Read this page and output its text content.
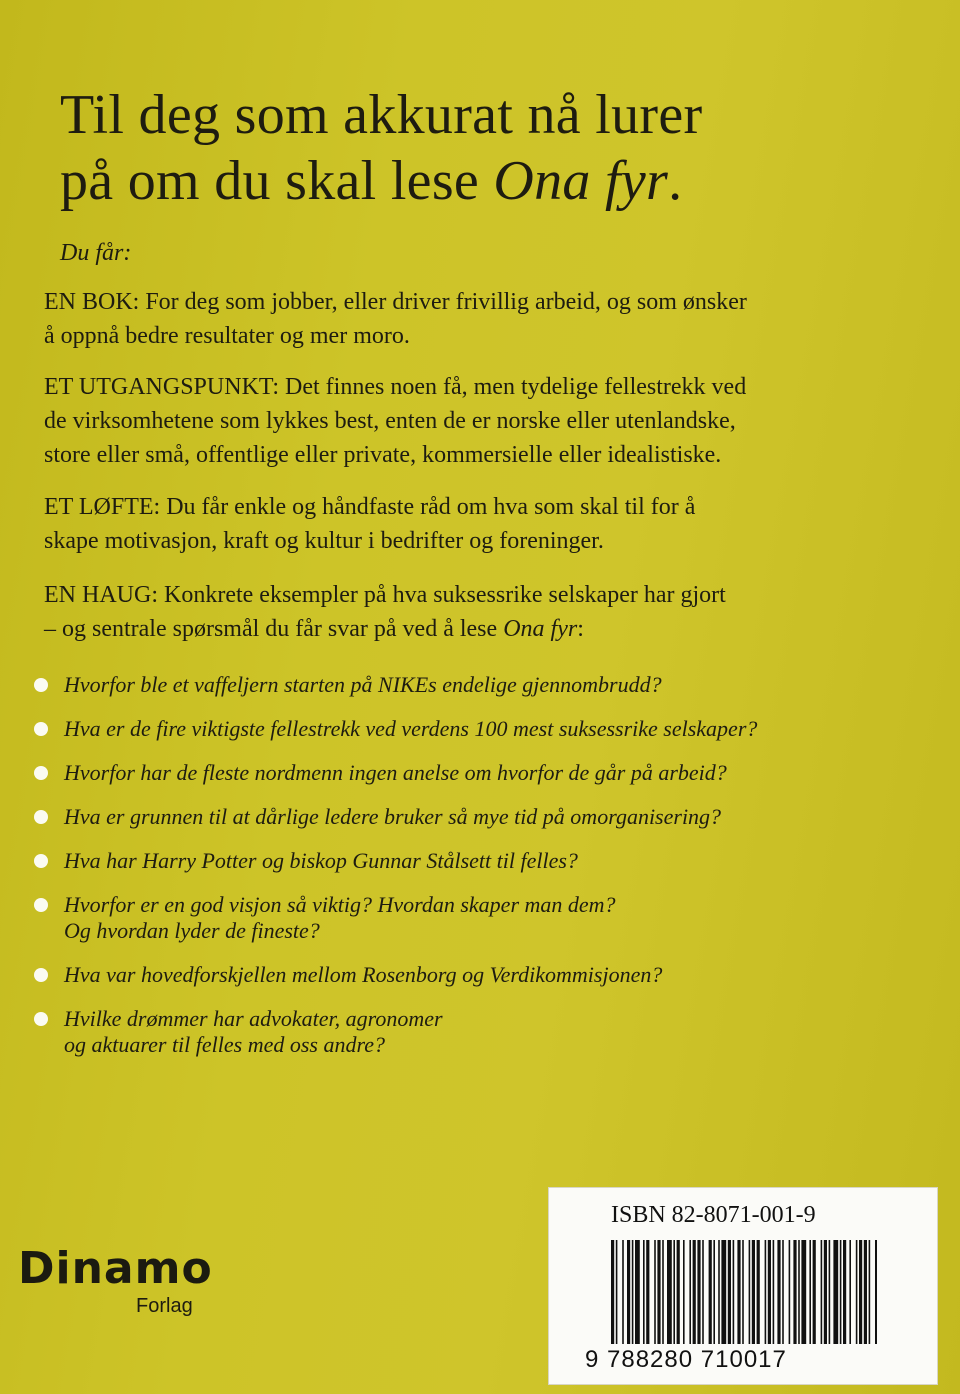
Til deg som akkurat nå lurer
på om du skal lese Ona fyr.

Du får:

EN BOK: For deg som jobber, eller driver frivillig arbeid, og som ønsker
å oppnå bedre resultater og mer moro.

ET UTGANGSPUNKT: Det finnes noen få, men tydelige fellestrekk ved
de virksomhetene som lykkes best, enten de er norske eller utenlandske,
store eller små, offentlige eller private, kommersielle eller idealistiske.

ET LØFTE: Du får enkle og håndfaste råd om hva som skal til for å
skape motivasjon, kraft og kultur i bedrifter og foreninger.

EN HAUG: Konkrete eksempler på hva suksessrike selskaper har gjort
– og sentrale spørsmål du får svar på ved å lese Ona fyr:

Hvorfor ble et vaffeljern starten på NIKEs endelige gjennombrudd?
Hva er de fire viktigste fellestrekk ved verdens 100 mest suksessrike selskaper?
Hvorfor har de fleste nordmenn ingen anelse om hvorfor de går på arbeid?
Hva er grunnen til at dårlige ledere bruker så mye tid på omorganisering?
Hva har Harry Potter og biskop Gunnar Stålsett til felles?
Hvorfor er en god visjon så viktig? Hvordan skaper man dem?
Og hvordan lyder de fineste?
Hva var hovedforskjellen mellom Rosenborg og Verdikommisjonen?
Hvilke drømmer har advokater, agronomer
og aktuarer til felles med oss andre?
Dinamo
Forlag
ISBN 82-8071-001-9
9 788280 710017
